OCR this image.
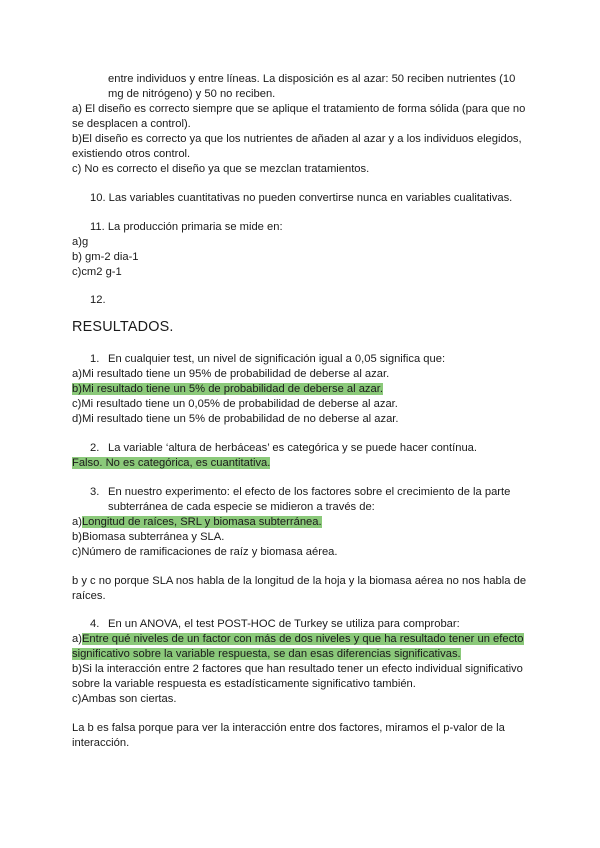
entre individuos y entre líneas. La disposición es al azar: 50 reciben nutrientes (10
mg de nitrógeno) y 50 no reciben.
a) El diseño es correcto siempre que se aplique el tratamiento de forma sólida (para que no
se desplacen a control).
b)El diseño es correcto ya que los nutrientes de añaden al azar y a los individuos elegidos,
existiendo otros control.
c) No es correcto el diseño ya que se mezclan tratamientos.
10. Las variables cuantitativas no pueden convertirse nunca en variables cualitativas.
11. La producción primaria se mide en:
a)g
b) gm-2 dia-1
c)cm2 g-1
12.
RESULTADOS.
1. En cualquier test, un nivel de significación igual a 0,05 significa que:
a)Mi resultado tiene un 95% de probabilidad de deberse al azar.
b)Mi resultado tiene un 5% de probabilidad de deberse al azar.
c)Mi resultado tiene un 0,05% de probabilidad de deberse al azar.
d)Mi resultado tiene un 5% de probabilidad de no deberse al azar.
2. La variable ‘altura de herbáceas’ es categórica y se puede hacer contínua.
Falso. No es categórica, es cuantitativa.
3. En nuestro experimento: el efecto de los factores sobre el crecimiento de la parte
subterránea de cada especie se midieron a través de:
a)Longitud de raíces, SRL y biomasa subterránea.
b)Biomasa subterránea y SLA.
c)Número de ramificaciones de raíz y biomasa aérea.
b y c no porque SLA nos habla de la longitud de la hoja y la biomasa aérea no nos habla de
raíces.
4. En un ANOVA, el test POST-HOC de Turkey se utiliza para comprobar:
a)Entre qué niveles de un factor con más de dos niveles y que ha resultado tener un efecto
significativo sobre la variable respuesta, se dan esas diferencias significativas.
b)Si la interacción entre 2 factores que han resultado tener un efecto individual significativo
sobre la variable respuesta es estadísticamente significativo también.
c)Ambas son ciertas.
La b es falsa porque para ver la interacción entre dos factores, miramos el p-valor de la
interacción.
